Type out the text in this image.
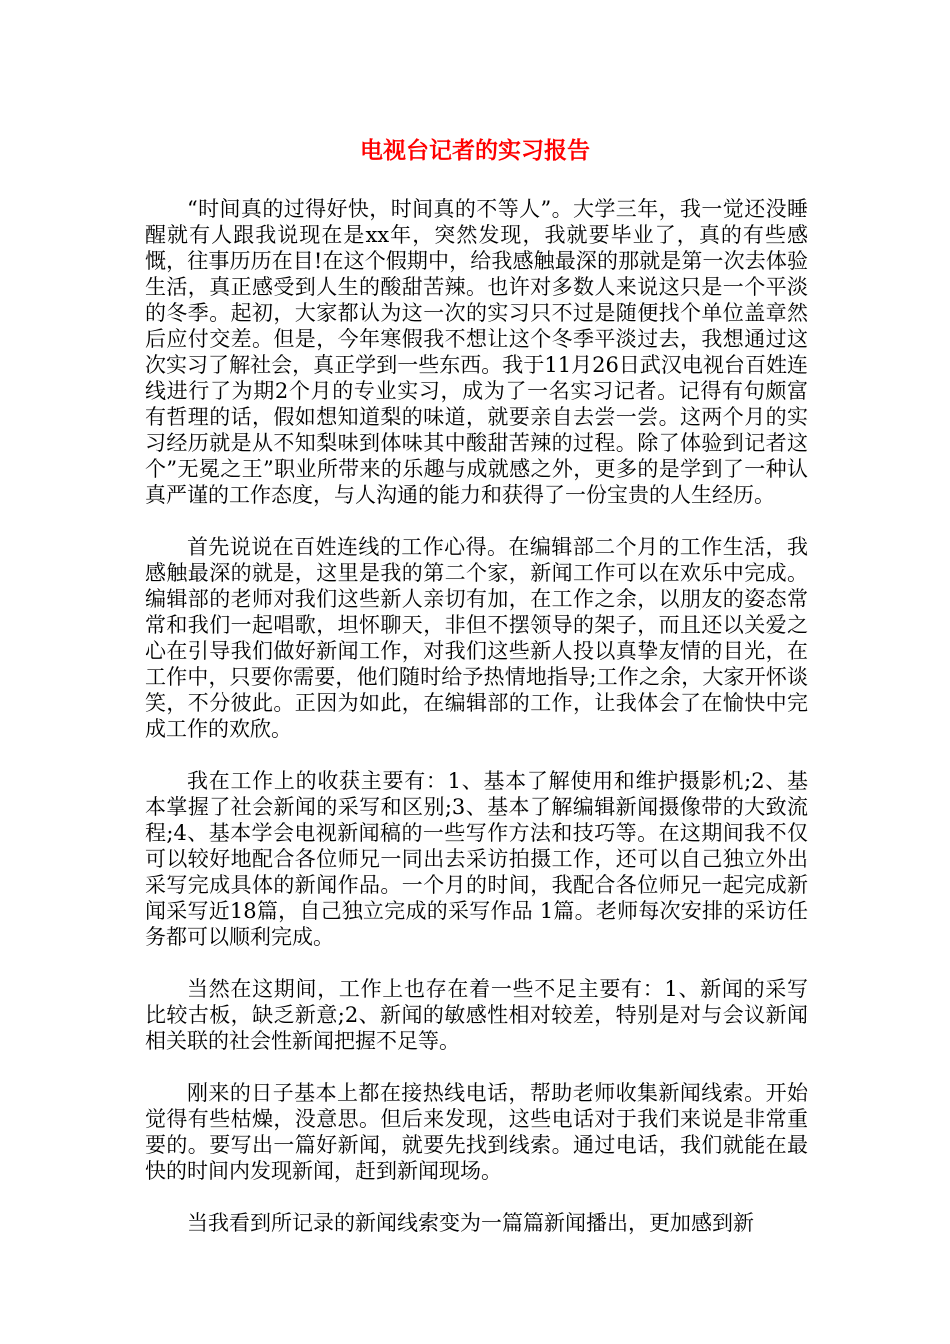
电视台记者的实习报告

“时间真的过得好快，时间真的不等人”。大学三年，我一觉还没睡醒就有人跟我说现在是xx年，突然发现，我就要毕业了，真的有些感慨，往事历历在目!在这个假期中，给我感触最深的那就是第一次去体验生活，真正感受到人生的酸甜苦辣。也许对多数人来说这只是一个平淡的冬季。起初，大家都认为这一次的实习只不过是随便找个单位盖章然后应付交差。但是，今年寒假我不想让这个冬季平淡过去，我想通过这次实习了解社会，真正学到一些东西。我于11月26日武汉电视台百姓连线进行了为期2个月的专业实习，成为了一名实习记者。记得有句颇富有哲理的话，假如想知道梨的味道，就要亲自去尝一尝。这两个月的实习经历就是从不知梨味到体味其中酸甜苦辣的过程。除了体验到记者这个”无冕之王”职业所带来的乐趣与成就感之外，更多的是学到了一种认真严谨的工作态度，与人沟通的能力和获得了一份宝贵的人生经历。

首先说说在百姓连线的工作心得。在编辑部二个月的工作生活，我感触最深的就是，这里是我的第二个家，新闻工作可以在欢乐中完成。编辑部的老师对我们这些新人亲切有加，在工作之余，以朋友的姿态常常和我们一起唱歌，坦怀聊天，非但不摆领导的架子，而且还以关爱之心在引导我们做好新闻工作，对我们这些新人投以真挚友情的目光，在工作中，只要你需要，他们随时给予热情地指导;工作之余，大家开怀谈笑，不分彼此。正因为如此，在编辑部的工作，让我体会了在愉快中完成工作的欢欣。

我在工作上的收获主要有：1、基本了解使用和维护摄影机;2、基本掌握了社会新闻的采写和区别;3、基本了解编辑新闻摄像带的大致流程;4、基本学会电视新闻稿的一些写作方法和技巧等。在这期间我不仅可以较好地配合各位师兄一同出去采访拍摄工作，还可以自己独立外出采写完成具体的新闻作品。一个月的时间，我配合各位师兄一起完成新闻采写近18篇，自己独立完成的采写作品 1篇。老师每次安排的采访任务都可以顺利完成。

当然在这期间，工作上也存在着一些不足主要有：1、新闻的采写比较古板，缺乏新意;2、新闻的敏感性相对较差，特别是对与会议新闻相关联的社会性新闻把握不足等。

刚来的日子基本上都在接热线电话，帮助老师收集新闻线索。开始觉得有些枯燥，没意思。但后来发现，这些电话对于我们来说是非常重要的。要写出一篇好新闻，就要先找到线索。通过电话，我们就能在最快的时间内发现新闻，赶到新闻现场。

当我看到所记录的新闻线索变为一篇篇新闻播出，更加感到新
